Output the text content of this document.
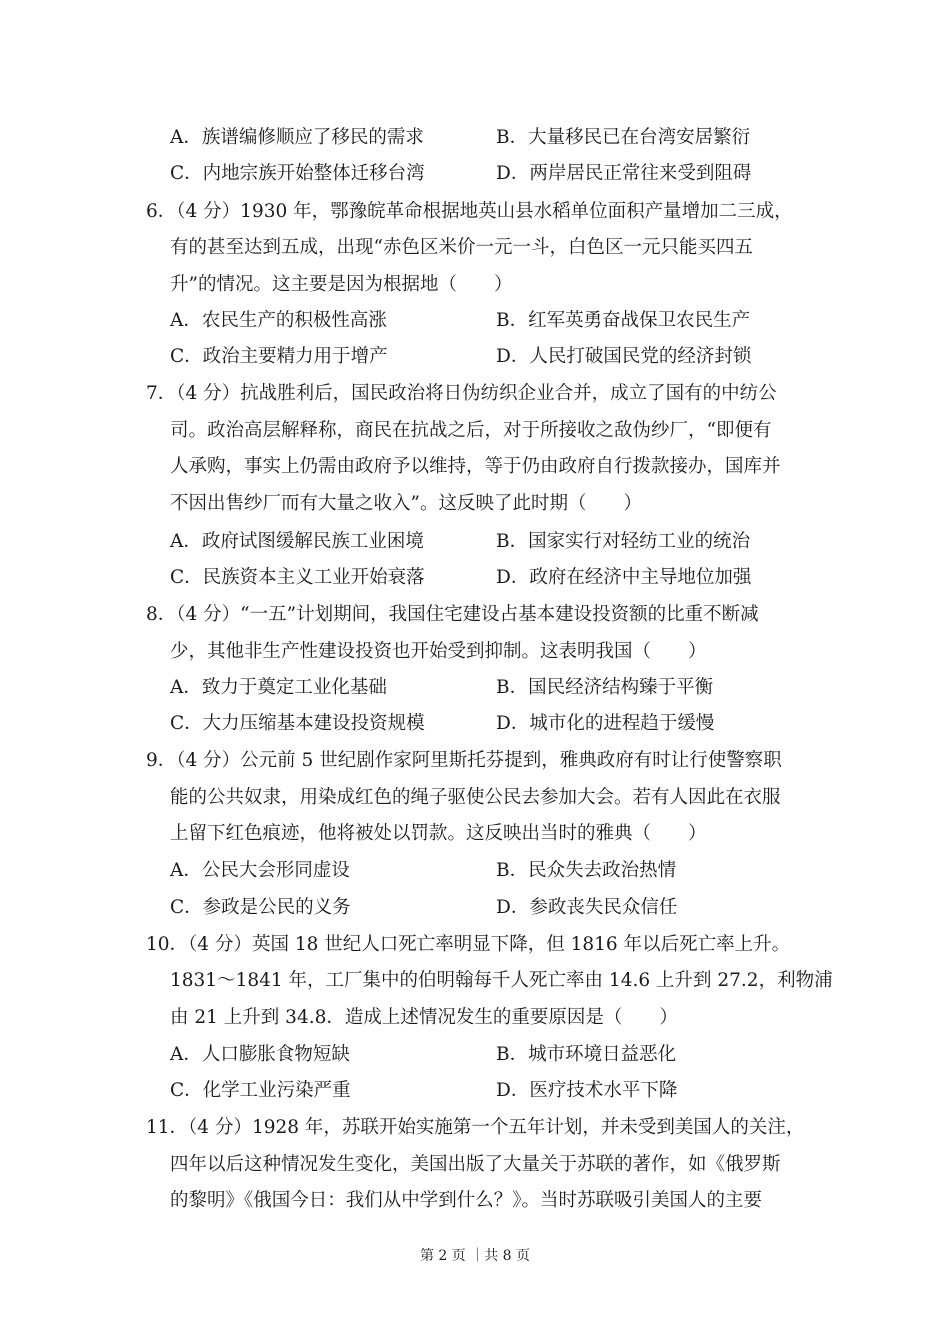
A．族谱编修顺应了移民的需求	B．大量移民已在台湾安居繁衍
C．内地宗族开始整体迁移台湾	D．两岸居民正常往来受到阻碍
6．（4 分）1930 年，鄂豫皖革命根据地英山县水稻单位面积产量增加二三成，
有的甚至达到五成，出现“赤色区米价一元一斗，白色区一元只能买四五
升”的情况。这主要是因为根据地（　　）
A．农民生产的积极性高涨	B．红军英勇奋战保卫农民生产
C．政治主要精力用于增产	D．人民打破国民党的经济封锁
7．（4 分）抗战胜利后，国民政治将日伪纺织企业合并，成立了国有的中纺公
司。政治高层解释称，商民在抗战之后，对于所接收之敌伪纱厂，“即便有
人承购，事实上仍需由政府予以维持，等于仍由政府自行拨款接办，国库并
不因出售纱厂而有大量之收入”。这反映了此时期（　　）
A．政府试图缓解民族工业困境	B．国家实行对轻纺工业的统治
C．民族资本主义工业开始衰落	D．政府在经济中主导地位加强
8．（4 分）“一五”计划期间，我国住宅建设占基本建设投资额的比重不断减
少，其他非生产性建设投资也开始受到抑制。这表明我国（　　）
A．致力于奠定工业化基础	B．国民经济结构臻于平衡
C．大力压缩基本建设投资规模	D．城市化的进程趋于缓慢
9．（4 分）公元前 5 世纪剧作家阿里斯托芬提到，雅典政府有时让行使警察职
能的公共奴隶，用染成红色的绳子驱使公民去参加大会。若有人因此在衣服
上留下红色痕迹，他将被处以罚款。这反映出当时的雅典（　　）
A．公民大会形同虚设	B．民众失去政治热情
C．参政是公民的义务	D．参政丧失民众信任
10．（4 分）英国 18 世纪人口死亡率明显下降，但 1816 年以后死亡率上升。
1831～1841 年，工厂集中的伯明翰每千人死亡率由 14.6 上升到 27.2，利物浦
由 21 上升到 34.8．造成上述情况发生的重要原因是（　　）
A．人口膨胀食物短缺	B．城市环境日益恶化
C．化学工业污染严重	D．医疗技术水平下降
11．（4 分）1928 年，苏联开始实施第一个五年计划，并未受到美国人的关注，
四年以后这种情况发生变化，美国出版了大量关于苏联的著作，如《俄罗斯
的黎明》《俄国今日：我们从中学到什么？》。当时苏联吸引美国人的主要
第 2 页 ｜共 8 页
